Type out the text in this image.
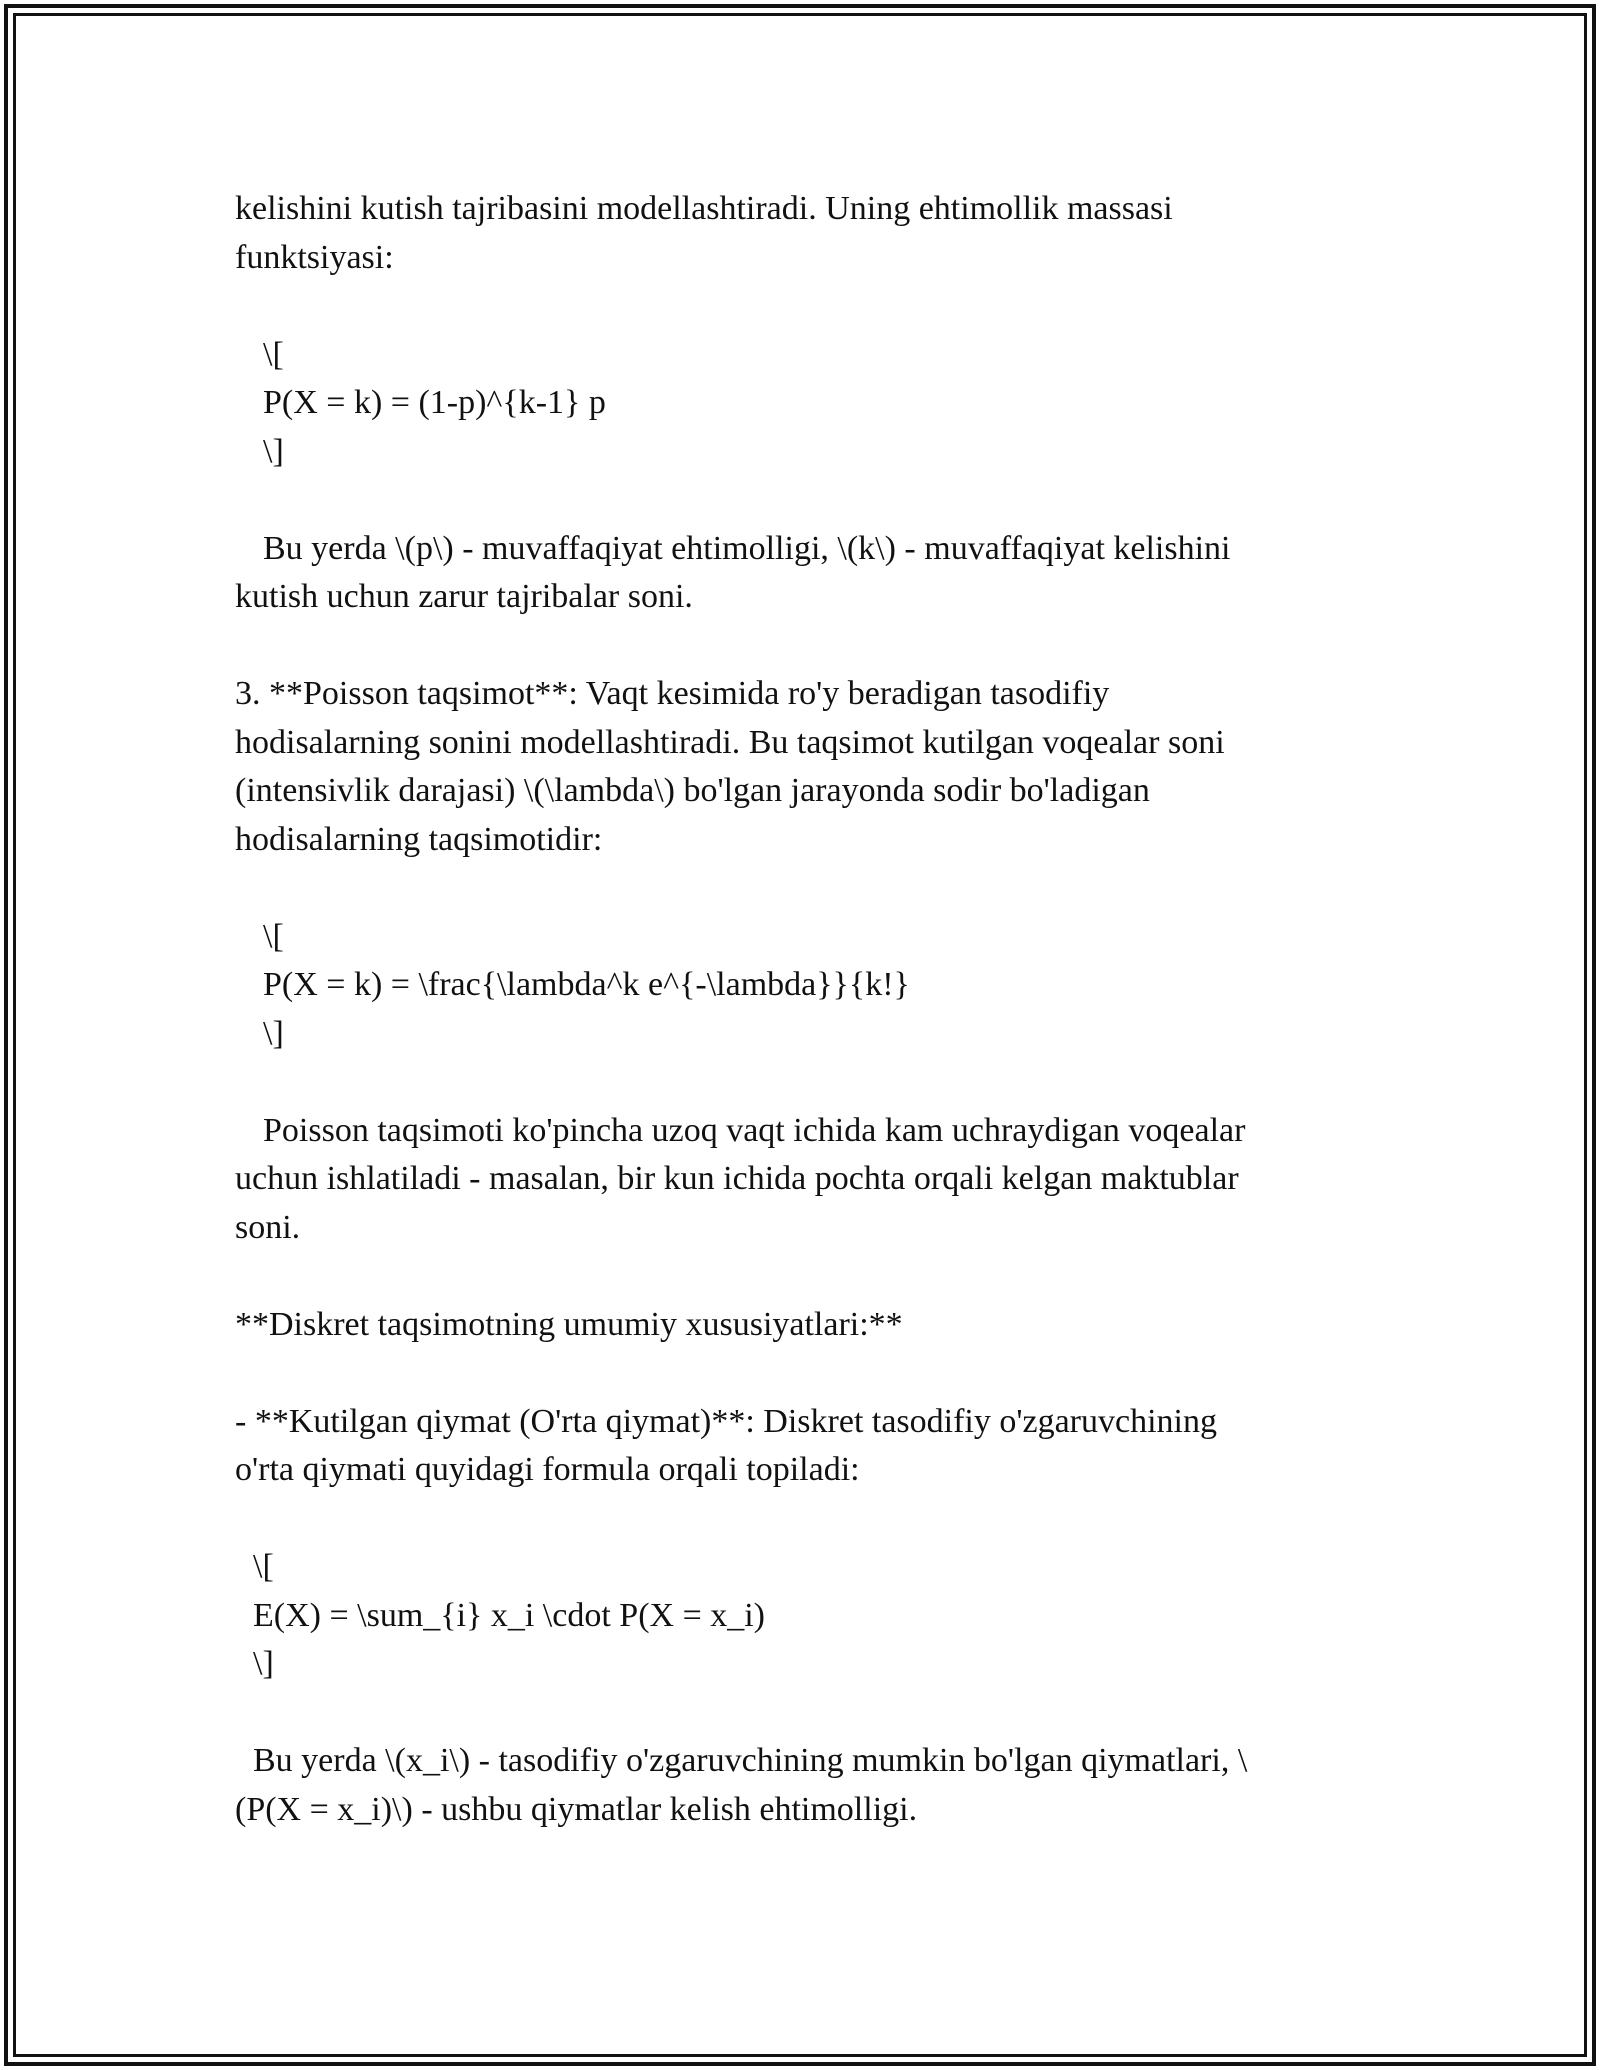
kelishini kutish tajribasini modellashtiradi. Uning ehtimollik massasi
funktsiyasi:
\[
P(X = k) = (1-p)^{k-1} p
\]
Bu yerda \(p\) - muvaffaqiyat ehtimolligi, \(k\) - muvaffaqiyat kelishini
kutish uchun zarur tajribalar soni.
3. **Poisson taqsimot**: Vaqt kesimida ro'y beradigan tasodifiy
hodisalarning sonini modellashtiradi. Bu taqsimot kutilgan voqealar soni
(intensivlik darajasi) \(\lambda\) bo'lgan jarayonda sodir bo'ladigan
hodisalarning taqsimotidir:
\[
P(X = k) = \frac{\lambda^k e^{-\lambda}}{k!}
\]
Poisson taqsimoti ko'pincha uzoq vaqt ichida kam uchraydigan voqealar
uchun ishlatiladi - masalan, bir kun ichida pochta orqali kelgan maktublar
soni.
**Diskret taqsimotning umumiy xususiyatlari:**
- **Kutilgan qiymat (O'rta qiymat)**: Diskret tasodifiy o'zgaruvchining
o'rta qiymati quyidagi formula orqali topiladi:
\[
E(X) = \sum_{i} x_i \cdot P(X = x_i)
\]
Bu yerda \(x_i\) - tasodifiy o'zgaruvchining mumkin bo'lgan qiymatlari, \
(P(X = x_i)\) - ushbu qiymatlar kelish ehtimolligi.
